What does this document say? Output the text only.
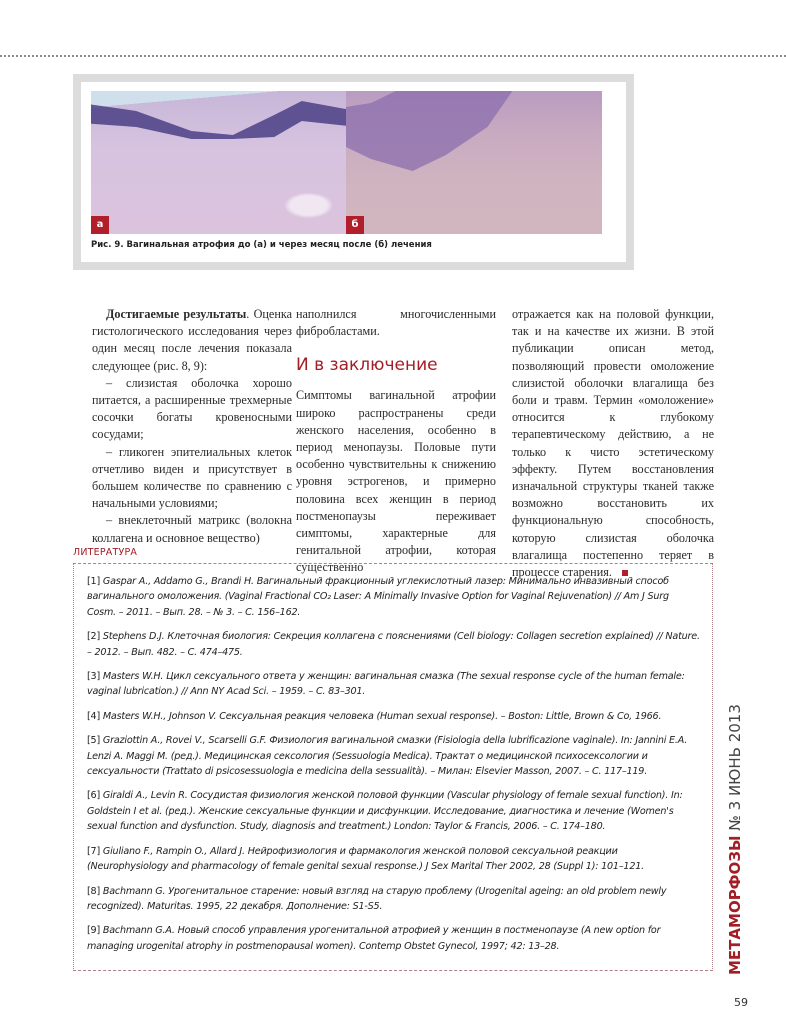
а	б
Рис. 9. Вагинальная атрофия до (а) и через месяц после (б) лечения

Достигаемые результаты. Оценка гистологического исследования через один месяц после лечения показала следующее (рис. 8, 9):

– слизистая оболочка хорошо питается, а расширенные трехмерные сосочки богаты кровеносными сосудами;

– гликоген эпителиальных клеток отчетливо виден и присутствует в большем количестве по сравнению с начальными условиями;

– внеклеточный матрикс (волокна коллагена и основное вещество)

наполнился многочисленными фибробластами.

И в заключение

Симптомы вагинальной атрофии широко распространены среди женского населения, особенно в период менопаузы. Половые пути особенно чувствительны к снижению уровня эстрогенов, и примерно половина всех женщин в период постменопаузы переживает симптомы, характерные для генитальной атрофии, которая существенно

отражается как на половой функции, так и на качестве их жизни. В этой публикации описан метод, позволяющий провести омоложение слизистой оболочки влагалища без боли и травм. Термин «омоложение» относится к глубокому терапевтическому действию, а не только к чисто эстетическому эффекту. Путем восстановления изначальной структуры тканей также возможно восстановить их функциональную способность, которую слизистая оболочка влагалища постепенно теряет в процессе старения.

ЛИТЕРАТУРА
[1] Gaspar A., Addamo G., Brandi H. Вагинальный фракционный углекислотный лазер: Минимально инвазивный способ вагинального омоложения. (Vaginal Fractional CO₂ Laser: A Minimally Invasive Option for Vaginal Rejuvenation) // Am J Surg Cosm. – 2011. – Вып. 28. – № 3. – С. 156–162.
[2] Stephens D.J. Клеточная биология: Секреция коллагена с пояснениями (Cell biology: Collagen secretion explained) // Nature. – 2012. – Вып. 482. – С. 474–475.
[3] Masters W.H. Цикл сексуального ответа у женщин: вагинальная смазка (The sexual response cycle of the human female: vaginal lubrication.) // Ann NY Acad Sci. – 1959. – С. 83–301.
[4] Masters W.H., Johnson V. Сексуальная реакция человека (Human sexual response). – Boston: Little, Brown & Co, 1966.
[5] Graziottin A., Rovei V., Scarselli G.F. Физиология вагинальной смазки (Fisiologia della lubrificazione vaginale). In: Jannini E.A. Lenzi A. Maggi M. (ред.). Медицинская сексология (Sessuologia Medica). Трактат о медицинской психосексологии и сексуальности (Trattato di psicosessuologia e medicina della sessualità). – Милан: Elsevier Masson, 2007. – С. 117–119.
[6] Giraldi A., Levin R. Сосудистая физиология женской половой функции (Vascular physiology of female sexual function). In: Goldstein I et al. (ред.). Женские сексуальные функции и дисфункции. Исследование, диагностика и лечение (Women's sexual function and dysfunction. Study, diagnosis and treatment.) London: Taylor & Francis, 2006. – С. 174–180.
[7] Giuliano F., Rampin O., Allard J. Нейрофизиология и фармакология женской половой сексуальной реакции (Neurophysiology and pharmacology of female genital sexual response.) J Sex Marital Ther 2002, 28 (Suppl 1): 101–121.
[8] Bachmann G. Урогенитальное старение: новый взгляд на старую проблему (Urogenital ageing: an old problem newly recognized). Maturitas. 1995, 22 декабря. Дополнение: S1-S5.
[9] Bachmann G.A. Новый способ управления урогенитальной атрофией у женщин в постменопаузе (A new option for managing urogenital atrophy in postmenopausal women). Contemp Obstet Gynecol, 1997; 42: 13–28.	МЕТАМОРФОЗЫ № 3 ИЮНЬ 2013
59
